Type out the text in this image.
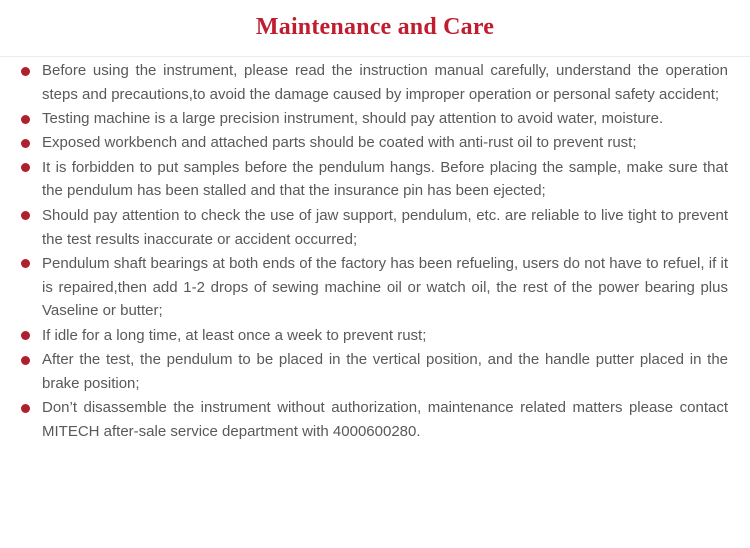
Maintenance and Care
Before using the instrument, please read the instruction manual carefully, understand the operation steps and precautions,to avoid the damage caused by improper operation or personal safety accident;
Testing machine is a large precision instrument, should pay attention to avoid water, moisture.
Exposed workbench and attached parts should be coated with anti-rust oil to prevent rust;
It is forbidden to put samples before the pendulum hangs. Before placing the sample, make sure that the pendulum has been stalled and that the insurance pin has been ejected;
Should pay attention to check the use of jaw support, pendulum, etc. are reliable to live tight to prevent the test results inaccurate or accident occurred;
Pendulum shaft bearings at both ends of the factory has been refueling, users do not have to refuel, if it is repaired,then add 1-2 drops of sewing machine oil or watch oil, the rest of the power bearing plus Vaseline or butter;
If idle for a long time, at least once a week to prevent rust;
After the test, the pendulum to be placed in the vertical position, and the handle putter placed in the brake position;
Don’t disassemble the instrument without authorization, maintenance related matters please contact MITECH after-sale service department with 4000600280.
